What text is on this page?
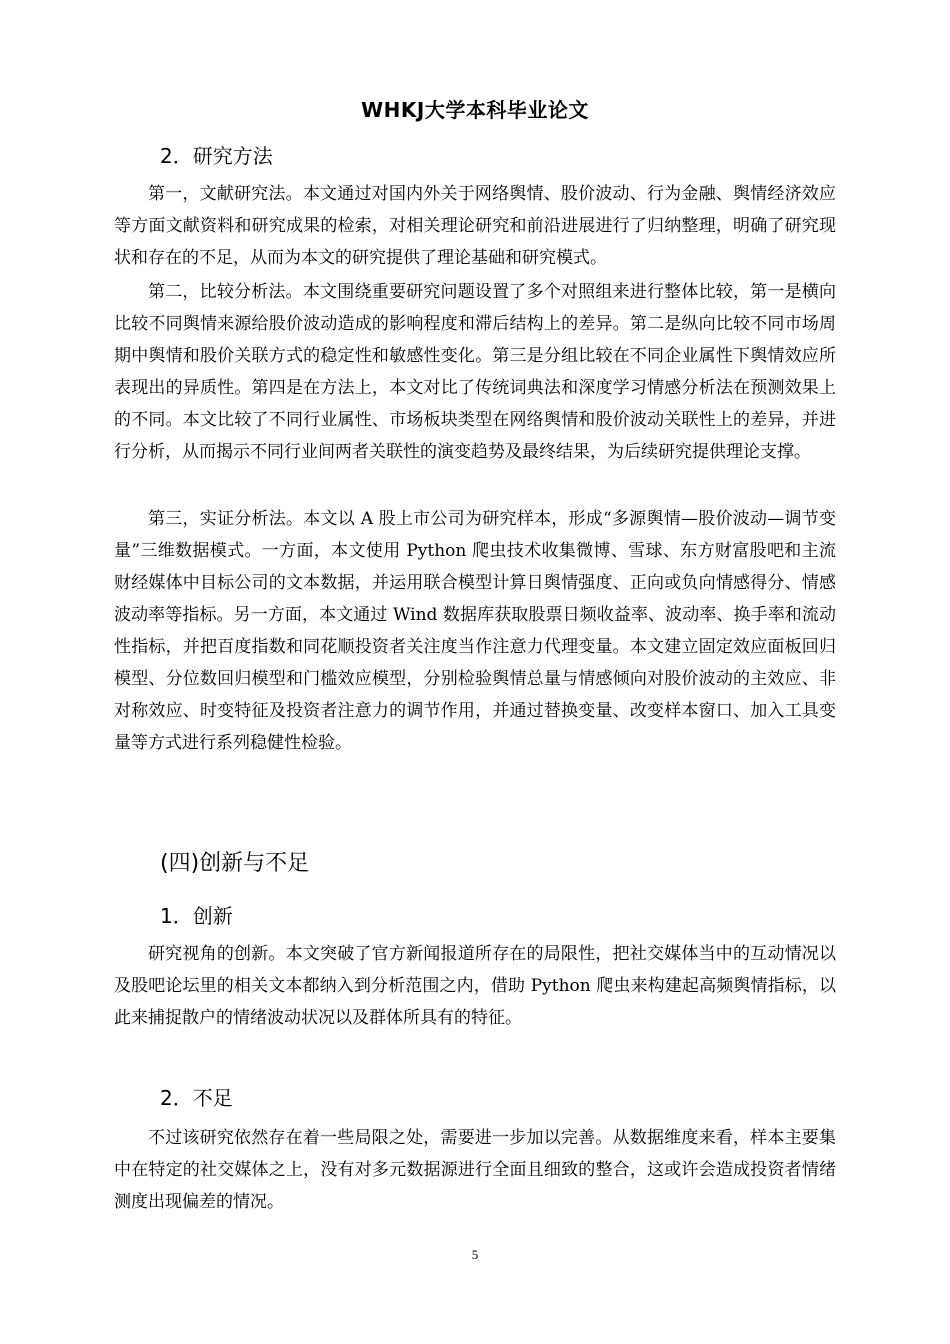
WHKJ大学本科毕业论文
2．研究方法

第一，文献研究法。本文通过对国内外关于网络舆情、股价波动、行为金融、舆情经济效应等方面文献资料和研究成果的检索，对相关理论研究和前沿进展进行了归纳整理，明确了研究现状和存在的不足，从而为本文的研究提供了理论基础和研究模式。

第二，比较分析法。本文围绕重要研究问题设置了多个对照组来进行整体比较，第一是横向比较不同舆情来源给股价波动造成的影响程度和滞后结构上的差异。第二是纵向比较不同市场周期中舆情和股价关联方式的稳定性和敏感性变化。第三是分组比较在不同企业属性下舆情效应所表现出的异质性。第四是在方法上，本文对比了传统词典法和深度学习情感分析法在预测效果上的不同。本文比较了不同行业属性、市场板块类型在网络舆情和股价波动关联性上的差异，并进行分析，从而揭示不同行业间两者关联性的演变趋势及最终结果，为后续研究提供理论支撑。

第三，实证分析法。本文以 A 股上市公司为研究样本，形成“多源舆情—股价波动—调节变量”三维数据模式。一方面，本文使用 Python 爬虫技术收集微博、雪球、东方财富股吧和主流财经媒体中目标公司的文本数据，并运用联合模型计算日舆情强度、正向或负向情感得分、情感波动率等指标。另一方面，本文通过 Wind 数据库获取股票日频收益率、波动率、换手率和流动性指标，并把百度指数和同花顺投资者关注度当作注意力代理变量。本文建立固定效应面板回归模型、分位数回归模型和门槛效应模型，分别检验舆情总量与情感倾向对股价波动的主效应、非对称效应、时变特征及投资者注意力的调节作用，并通过替换变量、改变样本窗口、加入工具变量等方式进行系列稳健性检验。

(四)创新与不足
1．创新

研究视角的创新。本文突破了官方新闻报道所存在的局限性，把社交媒体当中的互动情况以及股吧论坛里的相关文本都纳入到分析范围之内，借助 Python 爬虫来构建起高频舆情指标，以此来捕捉散户的情绪波动状况以及群体所具有的特征。

2．不足

不过该研究依然存在着一些局限之处，需要进一步加以完善。从数据维度来看，样本主要集中在特定的社交媒体之上，没有对多元数据源进行全面且细致的整合，这或许会造成投资者情绪测度出现偏差的情况。

5
